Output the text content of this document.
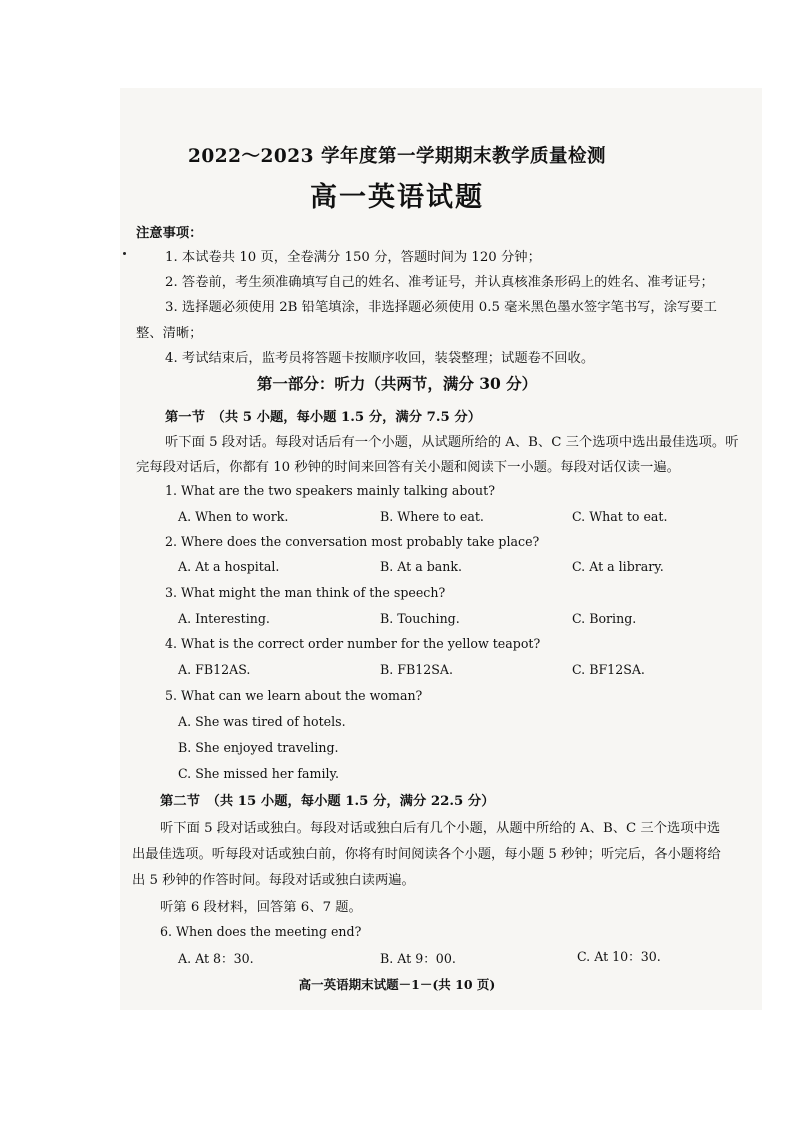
2022～2023 学年度第一学期期末教学质量检测
高一英语试题
注意事项：
1. 本试卷共 10 页，全卷满分 150 分，答题时间为 120 分钟；
2. 答卷前，考生须准确填写自己的姓名、准考证号，并认真核准条形码上的姓名、准考证号；
3. 选择题必须使用 2B 铅笔填涂，非选择题必须使用 0.5 毫米黑色墨水签字笔书写，涂写要工
整、清晰；
4. 考试结束后，监考员将答题卡按顺序收回，装袋整理；试题卷不回收。
第一部分：听力（共两节，满分 30 分）
第一节　（共 5 小题，每小题 1.5 分，满分 7.5 分）
听下面 5 段对话。每段对话后有一个小题，从试题所给的 A、B、C 三个选项中选出最佳选项。听
完每段对话后，你都有 10 秒钟的时间来回答有关小题和阅读下一小题。每段对话仅读一遍。
1. What are the two speakers mainly talking about?
A. When to work.	B. Where to eat.	C. What to eat.
2. Where does the conversation most probably take place?
A. At a hospital.	B. At a bank.	C. At a library.
3. What might the man think of the speech?
A. Interesting.	B. Touching.	C. Boring.
4. What is the correct order number for the yellow teapot?
A. FB12AS.	B. FB12SA.	C. BF12SA.
5. What can we learn about the woman?
A. She was tired of hotels.
B. She enjoyed traveling.
C. She missed her family.
第二节　（共 15 小题，每小题 1.5 分，满分 22.5 分）
听下面 5 段对话或独白。每段对话或独白后有几个小题，从题中所给的 A、B、C 三个选项中选
出最佳选项。听每段对话或独白前，你将有时间阅读各个小题，每小题 5 秒钟；听完后，各小题将给
出 5 秒钟的作答时间。每段对话或独白读两遍。
听第 6 段材料，回答第 6、7 题。
6. When does the meeting end?
A. At 8：30.	B. At 9：00.	C. At 10：30.
高一英语期末试题－1－(共 10 页)
